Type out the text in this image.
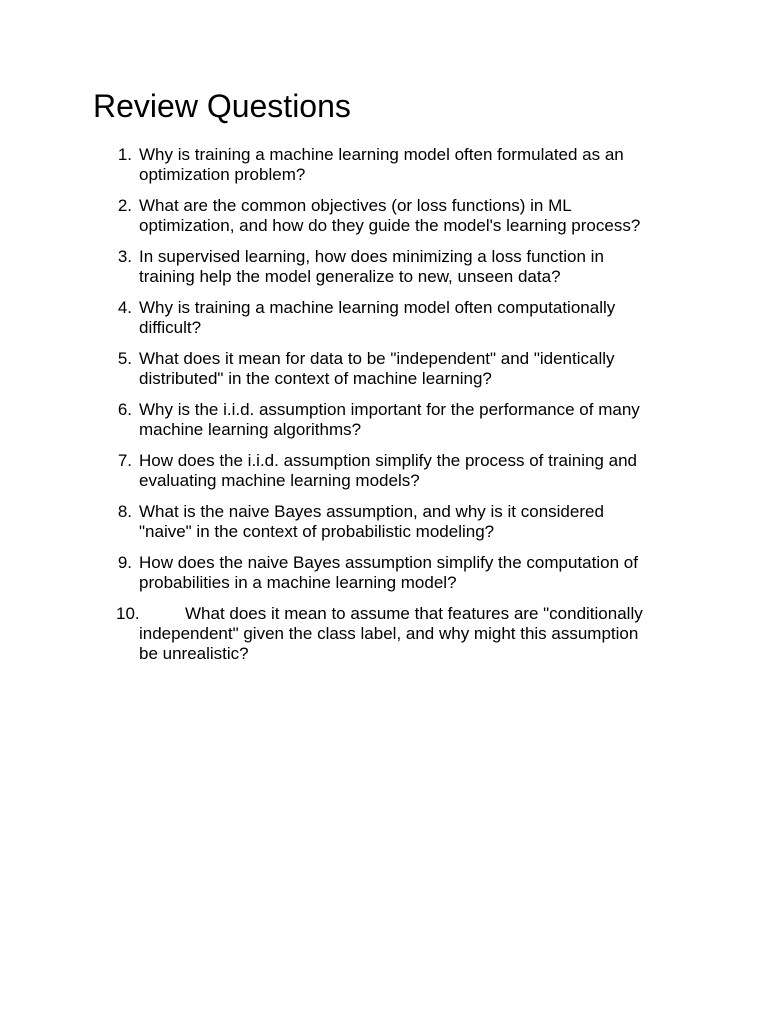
Review Questions
1. Why is training a machine learning model often formulated as an
optimization problem?
2. What are the common objectives (or loss functions) in ML
optimization, and how do they guide the model's learning process?
3. In supervised learning, how does minimizing a loss function in
training help the model generalize to new, unseen data?
4. Why is training a machine learning model often computationally
difficult?
5. What does it mean for data to be "independent" and "identically
distributed" in the context of machine learning?
6. Why is the i.i.d. assumption important for the performance of many
machine learning algorithms?
7. How does the i.i.d. assumption simplify the process of training and
evaluating machine learning models?
8. What is the naive Bayes assumption, and why is it considered
"naive" in the context of probabilistic modeling?
9. How does the naive Bayes assumption simplify the computation of
probabilities in a machine learning model?
10.	What does it mean to assume that features are "conditionally
independent" given the class label, and why might this assumption
be unrealistic?
